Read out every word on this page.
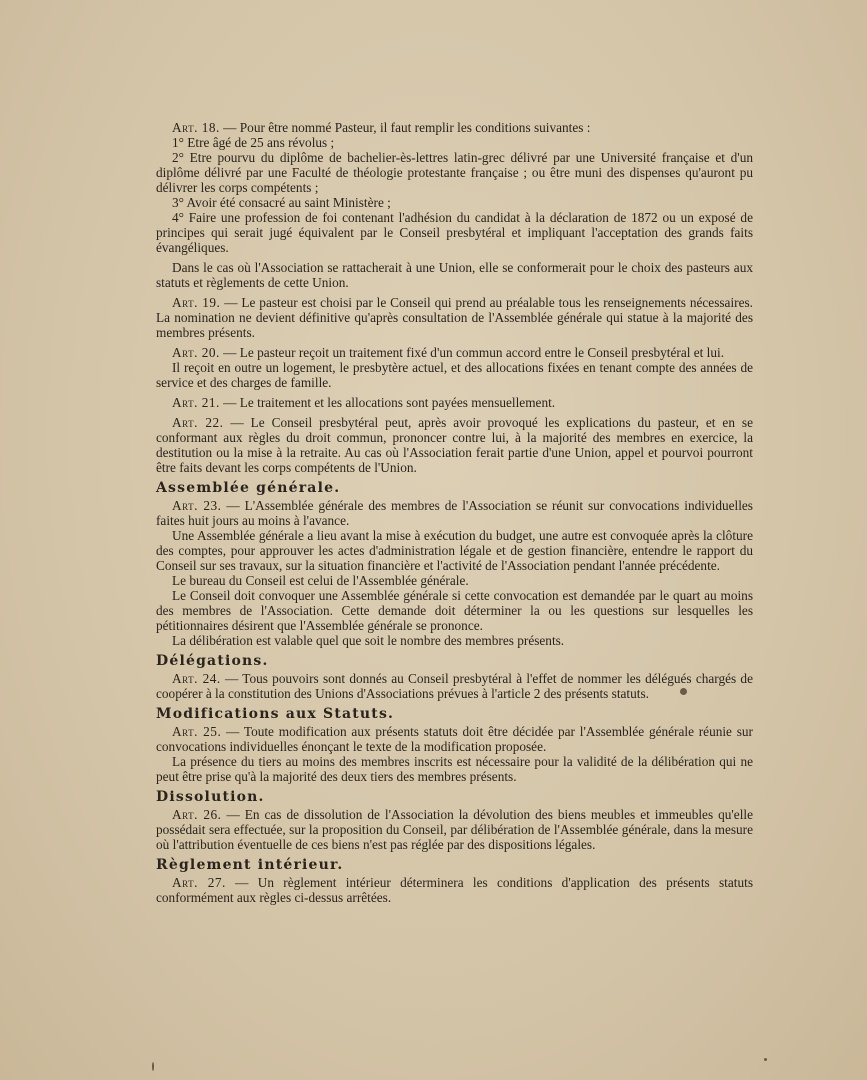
Art. 18. — Pour être nommé Pasteur, il faut remplir les conditions suivantes :

1° Etre âgé de 25 ans révolus ;

2° Etre pourvu du diplôme de bachelier-ès-lettres latin-grec délivré par une Université française et d'un diplôme délivré par une Faculté de théologie protestante française ; ou être muni des dispenses qu'auront pu délivrer les corps compétents ;

3° Avoir été consacré au saint Ministère ;

4° Faire une profession de foi contenant l'adhésion du candidat à la déclaration de 1872 ou un exposé de principes qui serait jugé équivalent par le Conseil presbytéral et impliquant l'acceptation des grands faits évangéliques.

Dans le cas où l'Association se rattacherait à une Union, elle se conformerait pour le choix des pasteurs aux statuts et règlements de cette Union.

Art. 19. — Le pasteur est choisi par le Conseil qui prend au préalable tous les renseignements nécessaires. La nomination ne devient définitive qu'après consultation de l'Assemblée générale qui statue à la majorité des membres présents.

Art. 20. — Le pasteur reçoit un traitement fixé d'un commun accord entre le Conseil presbytéral et lui.

Il reçoit en outre un logement, le presbytère actuel, et des allocations fixées en tenant compte des années de service et des charges de famille.

Art. 21. — Le traitement et les allocations sont payées mensuellement.

Art. 22. — Le Conseil presbytéral peut, après avoir provoqué les explications du pasteur, et en se conformant aux règles du droit commun, prononcer contre lui, à la majorité des membres en exercice, la destitution ou la mise à la retraite. Au cas où l'Association ferait partie d'une Union, appel et pourvoi pourront être faits devant les corps compétents de l'Union.

Assemblée générale.

Art. 23. — L'Assemblée générale des membres de l'Association se réunit sur convocations individuelles faites huit jours au moins à l'avance.

Une Assemblée générale a lieu avant la mise à exécution du budget, une autre est convoquée après la clôture des comptes, pour approuver les actes d'administration légale et de gestion financière, entendre le rapport du Conseil sur ses travaux, sur la situation financière et l'activité de l'Association pendant l'année précédente.

Le bureau du Conseil est celui de l'Assemblée générale.

Le Conseil doit convoquer une Assemblée générale si cette convocation est demandée par le quart au moins des membres de l'Association. Cette demande doit déterminer la ou les questions sur lesquelles les pétitionnaires désirent que l'Assemblée générale se prononce.

La délibération est valable quel que soit le nombre des membres présents.

Délégations.

Art. 24. — Tous pouvoirs sont donnés au Conseil presbytéral à l'effet de nommer les délégués chargés de coopérer à la constitution des Unions d'Associations prévues à l'article 2 des présents statuts.

Modifications aux Statuts.

Art. 25. — Toute modification aux présents statuts doit être décidée par l'Assemblée générale réunie sur convocations individuelles énonçant le texte de la modification proposée.

La présence du tiers au moins des membres inscrits est nécessaire pour la validité de la délibération qui ne peut être prise qu'à la majorité des deux tiers des membres présents.

Dissolution.

Art. 26. — En cas de dissolution de l'Association la dévolution des biens meubles et immeubles qu'elle possédait sera effectuée, sur la proposition du Conseil, par délibération de l'Assemblée générale, dans la mesure où l'attribution éventuelle de ces biens n'est pas réglée par des dispositions légales.

Règlement intérieur.

Art. 27. — Un règlement intérieur déterminera les conditions d'application des présents statuts conformément aux règles ci-dessus arrêtées.
